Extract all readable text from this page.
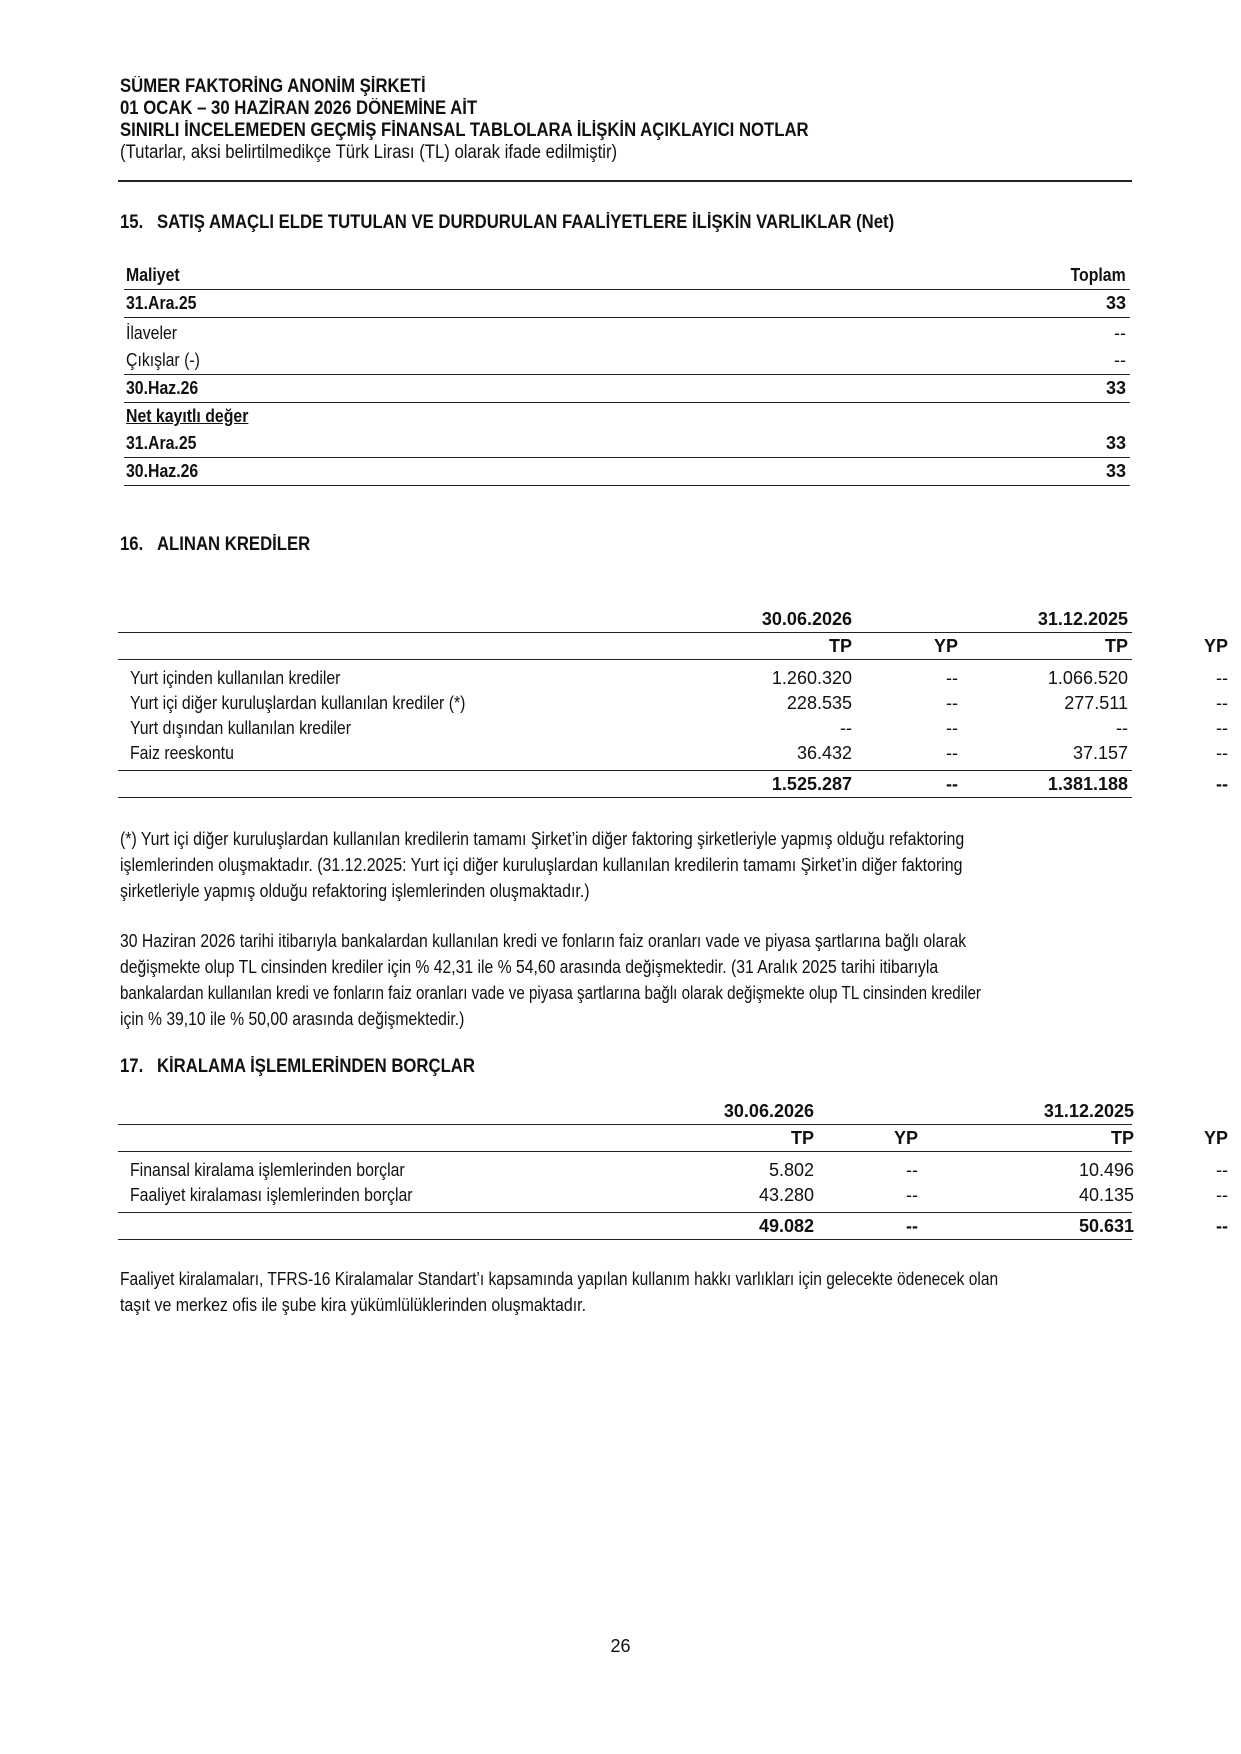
SÜMER FAKTORİNG ANONİM ŞİRKETİ
01 OCAK – 30 HAZİRAN 2026 DÖNEMİNE AİT
SINIRLI İNCELEMEDEN GEÇMİŞ FİNANSAL TABLOLARA İLİŞKİN AÇIKLAYICI NOTLAR
(Tutarlar, aksi belirtilmedikçe Türk Lirası (TL) olarak ifade edilmiştir)
15. SATIŞ AMAÇLI ELDE TUTULAN VE DURDURULAN FAALİYETLERE İLİŞKİN VARLIKLAR (Net)
Maliyet	Toplam
31.Ara.25	33
İlaveler	--
Çıkışlar (-)	--
30.Haz.26	33
Net kayıtlı değer
31.Ara.25	33
30.Haz.26	33
16. ALINAN KREDİLER
30.06.2026	31.12.2025
TP	YP	TP	YP
Yurt içinden kullanılan krediler	1.260.320	--	1.066.520	--
Yurt içi diğer kuruluşlardan kullanılan krediler (*)	228.535	--	277.511	--
Yurt dışından kullanılan krediler	--	--	--	--
Faiz reeskontu	36.432	--	37.157	--
1.525.287	--	1.381.188	--
(*) Yurt içi diğer kuruluşlardan kullanılan kredilerin tamamı Şirket’in diğer faktoring şirketleriyle yapmış olduğu refaktoring
işlemlerinden oluşmaktadır. (31.12.2025: Yurt içi diğer kuruluşlardan kullanılan kredilerin tamamı Şirket’in diğer faktoring
şirketleriyle yapmış olduğu refaktoring işlemlerinden oluşmaktadır.)
30 Haziran 2026 tarihi itibarıyla bankalardan kullanılan kredi ve fonların faiz oranları vade ve piyasa şartlarına bağlı olarak
değişmekte olup TL cinsinden krediler için % 42,31 ile % 54,60 arasında değişmektedir. (31 Aralık 2025 tarihi itibarıyla
bankalardan kullanılan kredi ve fonların faiz oranları vade ve piyasa şartlarına bağlı olarak değişmekte olup TL cinsinden krediler
için % 39,10 ile % 50,00 arasında değişmektedir.)
17. KİRALAMA İŞLEMLERİNDEN BORÇLAR
30.06.2026	31.12.2025
TP	YP	TP	YP
Finansal kiralama işlemlerinden borçlar	5.802	--	10.496	--
Faaliyet kiralaması işlemlerinden borçlar	43.280	--	40.135	--
49.082	--	50.631	--
Faaliyet kiralamaları, TFRS-16 Kiralamalar Standart’ı kapsamında yapılan kullanım hakkı varlıkları için gelecekte ödenecek olan
taşıt ve merkez ofis ile şube kira yükümlülüklerinden oluşmaktadır.
26
